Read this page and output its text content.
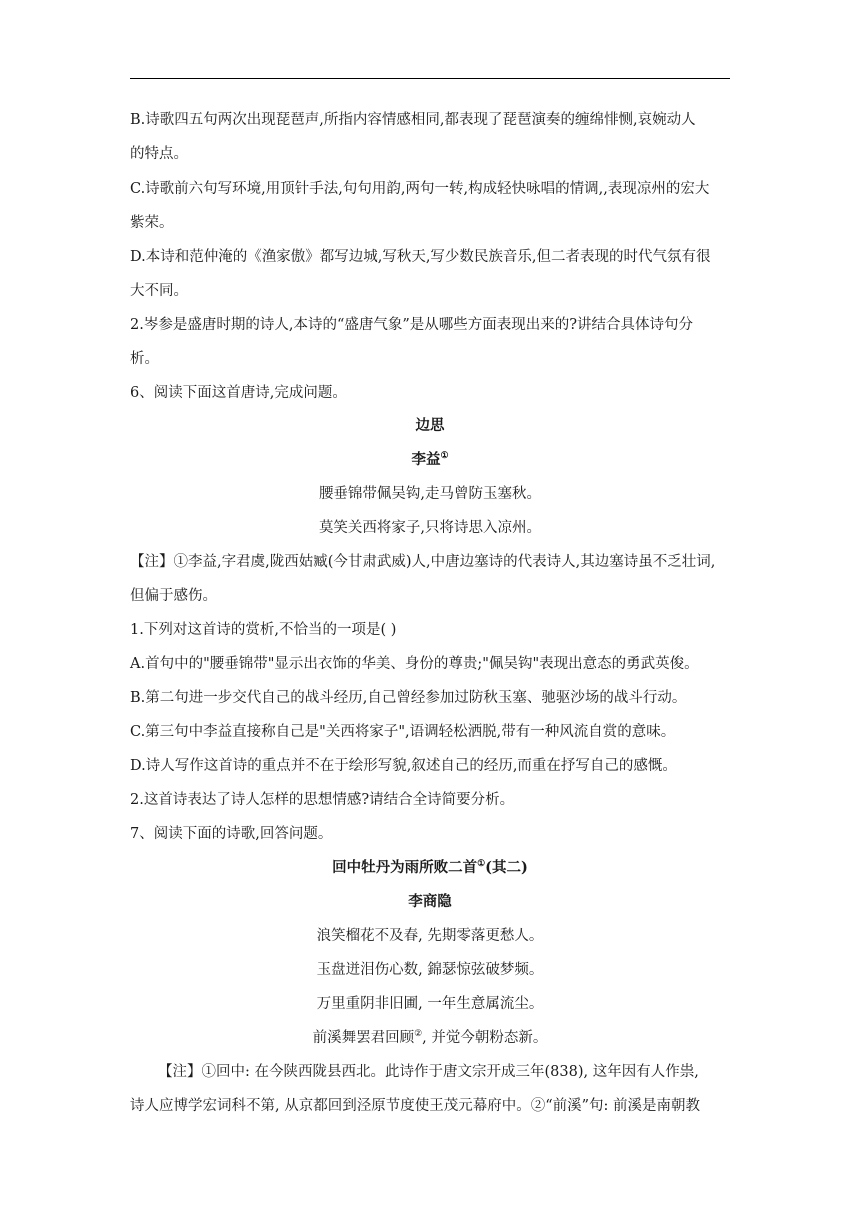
B.诗歌四五句两次出现琵琶声,所指内容情感相同,都表现了琵琶演奏的缠绵悱恻,哀婉动人
的特点。
C.诗歌前六句写环境,用顶针手法,句句用韵,两句一转,构成轻快咏唱的情调,,表现凉州的宏大
紫荣。
D.本诗和范仲淹的《渔家傲》都写边城,写秋天,写少数民族音乐,但二者表现的时代气氛有很
大不同。
2.岑参是盛唐时期的诗人,本诗的“盛唐气象”是从哪些方面表现出来的?讲结合具体诗句分
析。
6、阅读下面这首唐诗,完成问题。
边思
李益①
腰垂锦带佩吴钩,走马曾防玉塞秋。
莫笑关西将家子,只将诗思入凉州。
【注】①李益,字君虞,陇西姑臧(今甘肃武威)人,中唐边塞诗的代表诗人,其边塞诗虽不乏壮词,
但偏于感伤。
1.下列对这首诗的赏析,不恰当的一项是( )
A.首句中的"腰垂锦带"显示出衣饰的华美、身份的尊贵;"佩吴钩"表现出意态的勇武英俊。
B.第二句进一步交代自己的战斗经历,自己曾经参加过防秋玉塞、驰驱沙场的战斗行动。
C.第三句中李益直接称自己是"关西将家子",语调轻松洒脱,带有一种风流自赏的意味。
D.诗人写作这首诗的重点并不在于绘形写貌,叙述自己的经历,而重在抒写自己的感慨。
2.这首诗表达了诗人怎样的思想情感?请结合全诗简要分析。
7、阅读下面的诗歌,回答问题。
回中牡丹为雨所败二首①(其二)
李商隐
浪笑榴花不及春, 先期零落更愁人。
玉盘迸泪伤心数, 錦瑟惊弦破梦频。
万里重阴非旧圃, 一年生意属流尘。
前溪舞罢君回顾②, 并觉今朝粉态新。
【注】①回中: 在今陕西陇县西北。此诗作于唐文宗开成三年(838), 这年因有人作祟,
诗人应博学宏词科不第, 从京都回到泾原节度使王茂元幕府中。②“前溪”句: 前溪是南朝教
